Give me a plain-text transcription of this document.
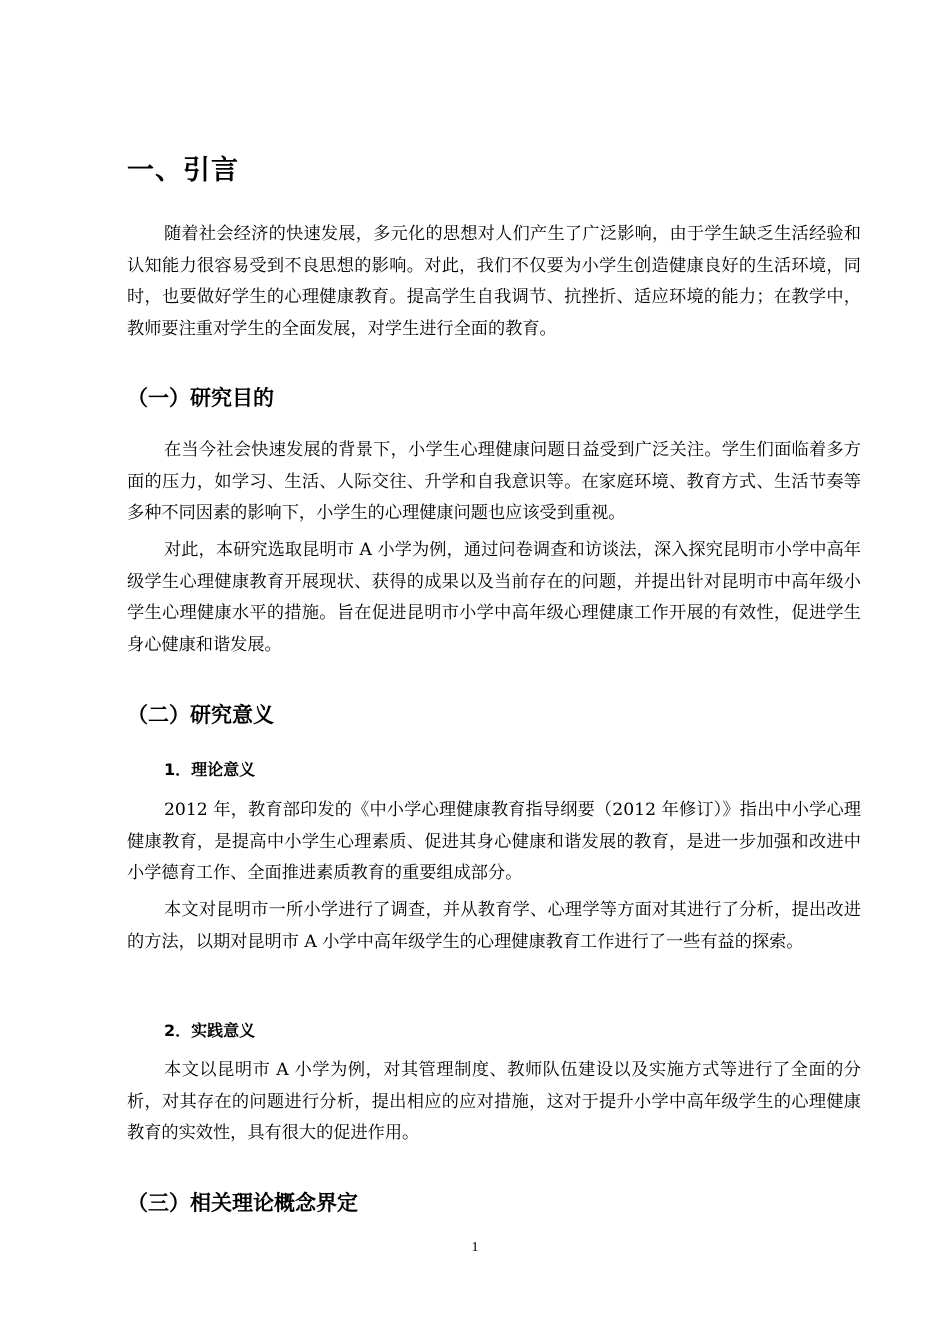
一、引言

随着社会经济的快速发展，多元化的思想对人们产生了广泛影响，由于学生缺乏生活经验和认知能力很容易受到不良思想的影响。对此，我们不仅要为小学生创造健康良好的生活环境，同时，也要做好学生的心理健康教育。提高学生自我调节、抗挫折、适应环境的能力；在教学中，教师要注重对学生的全面发展，对学生进行全面的教育。

（一）研究目的

在当今社会快速发展的背景下，小学生心理健康问题日益受到广泛关注。学生们面临着多方面的压力，如学习、生活、人际交往、升学和自我意识等。在家庭环境、教育方式、生活节奏等多种不同因素的影响下，小学生的心理健康问题也应该受到重视。

对此，本研究选取昆明市 A 小学为例，通过问卷调查和访谈法，深入探究昆明市小学中高年级学生心理健康教育开展现状、获得的成果以及当前存在的问题，并提出针对昆明市中高年级小学生心理健康水平的措施。旨在促进昆明市小学中高年级心理健康工作开展的有效性，促进学生身心健康和谐发展。

（二）研究意义
1．理论意义

2012 年，教育部印发的《中小学心理健康教育指导纲要（2012 年修订）》指出中小学心理健康教育，是提高中小学生心理素质、促进其身心健康和谐发展的教育，是进一步加强和改进中小学德育工作、全面推进素质教育的重要组成部分。

本文对昆明市一所小学进行了调查，并从教育学、心理学等方面对其进行了分析，提出改进的方法，以期对昆明市 A 小学中高年级学生的心理健康教育工作进行了一些有益的探索。

2．实践意义

本文以昆明市 A 小学为例，对其管理制度、教师队伍建设以及实施方式等进行了全面的分析，对其存在的问题进行分析，提出相应的应对措施，这对于提升小学中高年级学生的心理健康教育的实效性，具有很大的促进作用。

（三）相关理论概念界定
1
